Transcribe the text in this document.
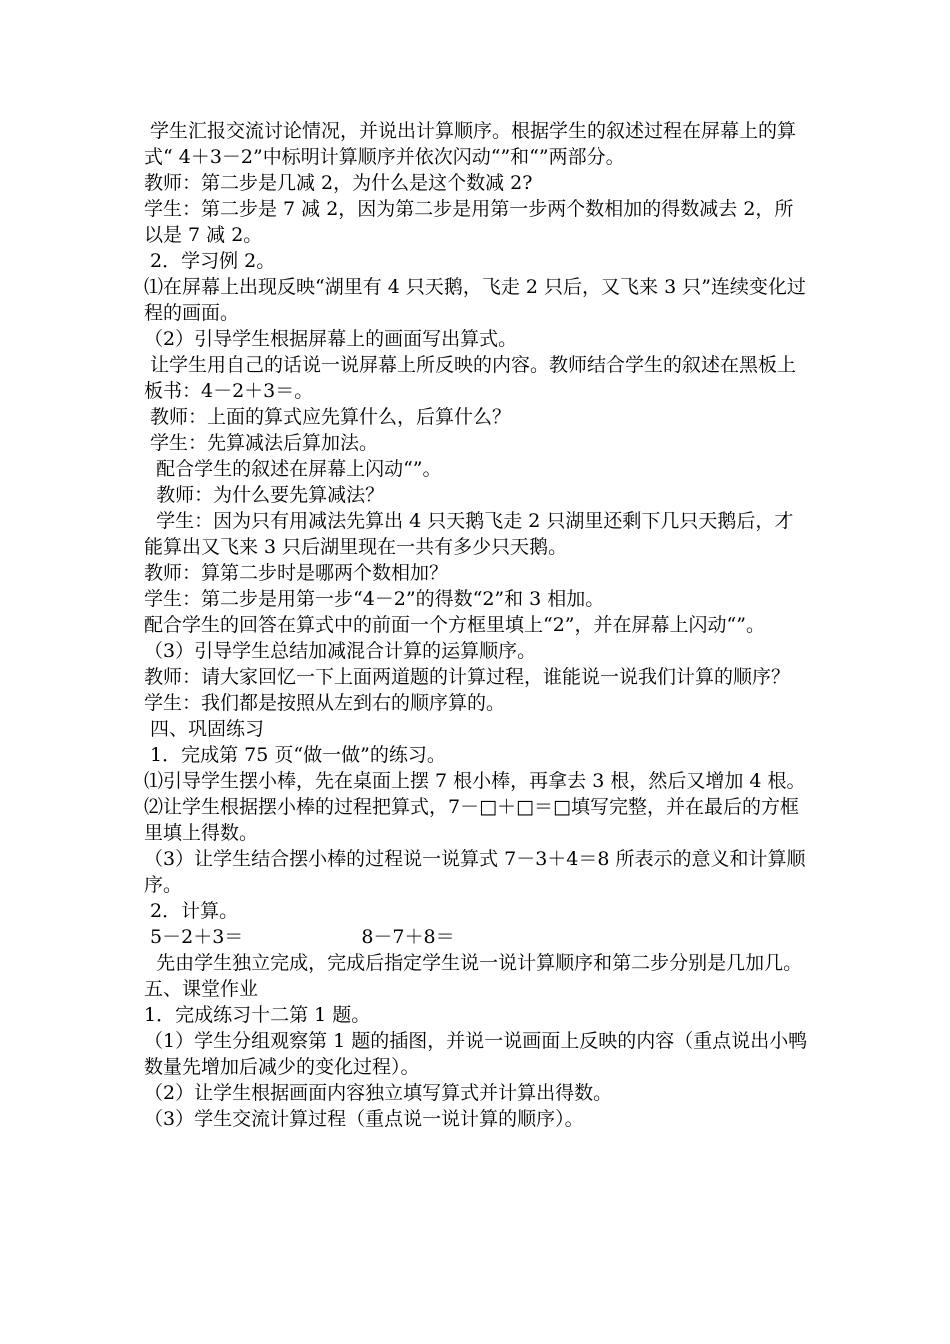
学生汇报交流讨论情况，并说出计算顺序。根据学生的叙述过程在屏幕上的算式“ 4＋3－2”中标明计算顺序并依次闪动“”和“”两部分。

教师：第二步是几减 2，为什么是这个数减 2?

学生：第二步是 7 减 2，因为第二步是用第一步两个数相加的得数减去 2，所以是 7 减 2。

2．学习例 2。

⑴在屏幕上出现反映“湖里有 4 只天鹅，飞走 2 只后，又飞来 3 只”连续变化过程的画面。

（2）引导学生根据屏幕上的画面写出算式。

让学生用自己的话说一说屏幕上所反映的内容。教师结合学生的叙述在黑板上板书：4－2＋3＝。

教师：上面的算式应先算什么，后算什么？

学生：先算减法后算加法。

配合学生的叙述在屏幕上闪动“”。

教师：为什么要先算减法？

学生：因为只有用减法先算出 4 只天鹅飞走 2 只湖里还剩下几只天鹅后，才能算出又飞来 3 只后湖里现在一共有多少只天鹅。

教师：算第二步时是哪两个数相加？

学生：第二步是用第一步“4－2”的得数“2”和 3 相加。

配合学生的回答在算式中的前面一个方框里填上“2”，并在屏幕上闪动“”。

（3）引导学生总结加减混合计算的运算顺序。

教师：请大家回忆一下上面两道题的计算过程，谁能说一说我们计算的顺序？

学生：我们都是按照从左到右的顺序算的。

四、巩固练习

1．完成第 75 页“做一做”的练习。

⑴引导学生摆小棒，先在桌面上摆 7 根小棒，再拿去 3 根，然后又增加 4 根。

⑵让学生根据摆小棒的过程把算式，7－□＋□＝□填写完整，并在最后的方框里填上得数。

（3）让学生结合摆小棒的过程说一说算式 7－3＋4＝8 所表示的意义和计算顺序。

2．计算。

5－2＋3＝	8－7＋8＝

先由学生独立完成，完成后指定学生说一说计算顺序和第二步分别是几加几。

五、课堂作业

1．完成练习十二第 1 题。

（1）学生分组观察第 1 题的插图，并说一说画面上反映的内容（重点说出小鸭数量先增加后减少的变化过程）。

（2）让学生根据画面内容独立填写算式并计算出得数。

（3）学生交流计算过程（重点说一说计算的顺序）。
